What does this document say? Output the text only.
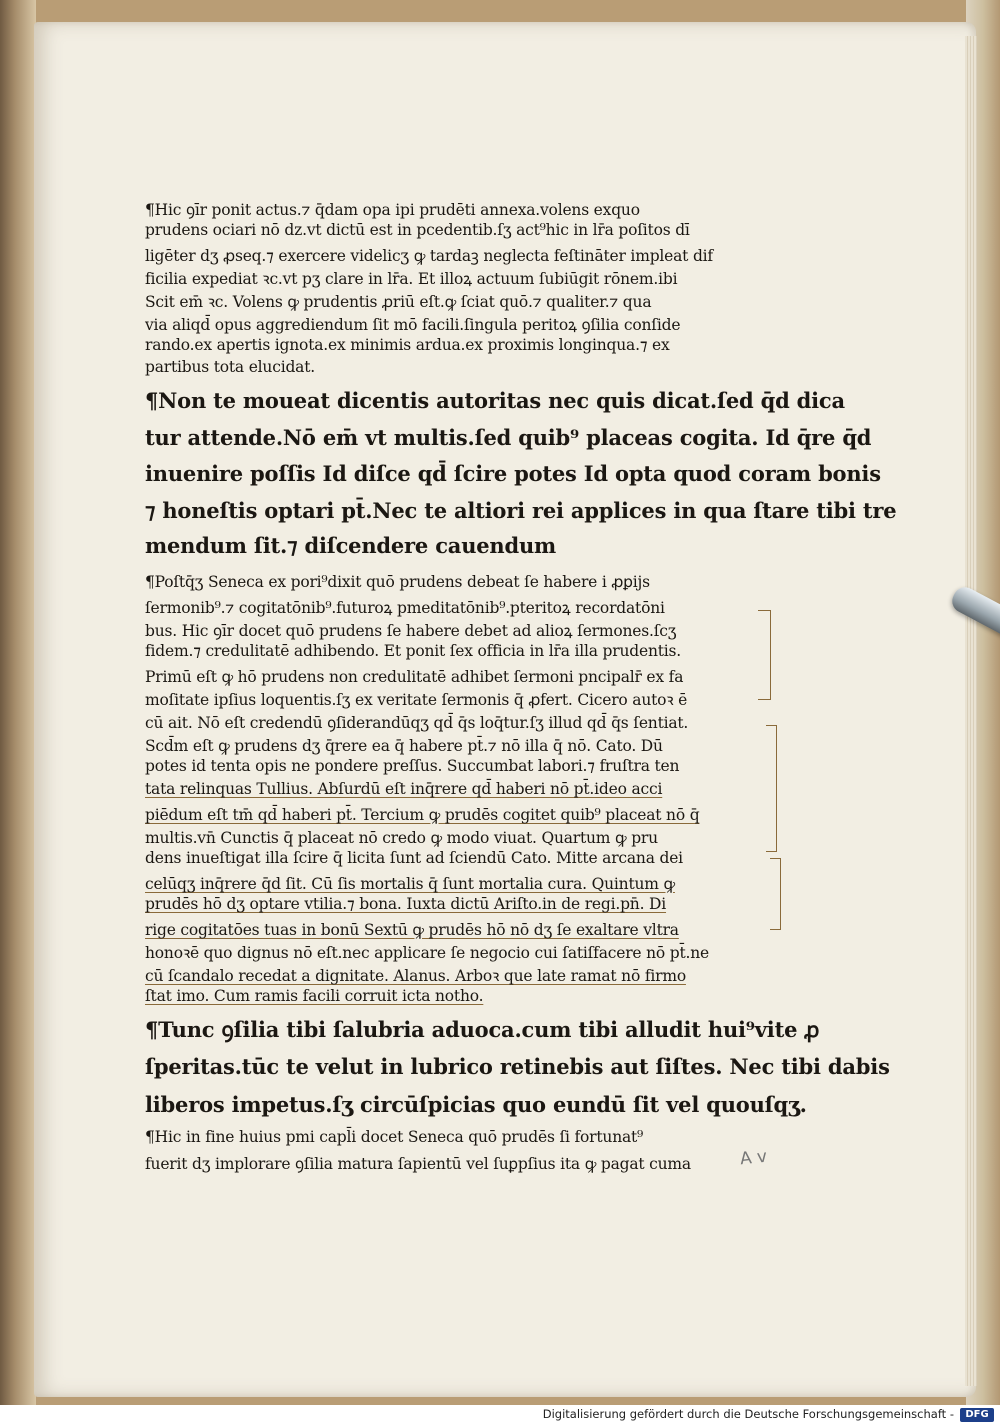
¶Hic ꝯīr ponit actus.⁊ q̄dam opa ipi prudēti annexa.volens exquo
prudens ociari nō dz.vt dictū est in pcedentib.ſʒ act⁹hic in lr̄a poſitos dī
ligēter dʒ ꝓseq.⁊ exercere videlicʒ ꝙ tardaꝫ neglecta feſtināter impleat dif
ficilia expediat ꝛc.vt pʒ clare in lr̄a. Et illoꝝ actuum ſubiūgit rōnem.ibi
Scit em̄ ꝛc. Volens ꝙ prudentis ꝓriū eſt.ꝙ ſciat quō.⁊ qualiter.⁊ qua
via aliqd̄ opus aggrediendum ſit mō facili.ſingula peritoꝝ ꝯſilia conſide
rando.ex apertis ignota.ex minimis ardua.ex proximis longinqua.⁊ ex
partibus tota elucidat.
¶Non te moueat dicentis autoritas nec quis dicat.ſed q̄d dica
tur attende.Nō em̄ vt multis.ſed quib⁹ placeas cogita. Id q̄re q̄d
inuenire poſſis Id diſce qd̄ ſcire potes Id opta quod coram bonis
⁊ honeſtis optari pt̄.Nec te altiori rei applices in qua ſtare tibi tre
mendum ſit.⁊ diſcendere cauendum
¶Poſtq̄ʒ Seneca ex pori⁹dixit quō prudens debeat ſe habere i ꝓꝑijs
ſermonib⁹.⁊ cogitatōnib⁹.futuroꝝ pmeditatōnib⁹.pteritoꝝ recordatōni
bus. Hic ꝯīr docet quō prudens ſe habere debet ad alioꝝ ſermones.ſcʒ
fidem.⁊ credulitatē adhibendo. Et ponit ſex officia in lr̄a illa prudentis.
Primū eſt ꝙ hō prudens non credulitatē adhibet ſermoni pncipalr̄ ex fa
moſitate ipſius loquentis.ſʒ ex veritate ſermonis q̄ ꝓfert. Cicero autoꝛ ē
cū ait. Nō eſt credendū ꝯſiderandūqʒ qd̄ q̄s loq̄tur.ſʒ illud qd̄ q̄s ſentiat.
Scd̄m eſt ꝙ prudens dʒ q̄rere ea q̄ habere pt̄.⁊ nō illa q̄ nō. Cato. Dū
potes id tenta opis ne pondere preſſus. Succumbat labori.⁊ fruſtra ten
tata relinquas Tullius. Abſurdū eſt inq̄rere qd̄ haberi nō pt̄.ideo acci
piēdum eſt tm̄ qd̄ haberi pt̄. Tercium ꝙ prudēs cogitet quib⁹ placeat nō q̄
multis.vn̄ Cunctis q̄ placeat nō credo ꝙ modo viuat. Quartum ꝙ pru
dens inueſtigat illa ſcire q̄ licita ſunt ad ſciendū Cato. Mitte arcana dei
celūqʒ inq̄rere q̄d ſit. Cū ſis mortalis q̄ ſunt mortalia cura. Quintum ꝙ
prudēs hō dʒ optare vtilia.⁊ bona. Iuxta dictū Ariſto.in de regi.pn̄. Di
rige cogitatōes tuas in bonū Sextū ꝙ prudēs hō nō dʒ ſe exaltare vltra
honoꝛē quo dignus nō eſt.nec applicare ſe negocio cui ſatiſfacere nō pt̄.ne
cū ſcandalo recedat a dignitate. Alanus. Arboꝛ que late ramat nō firmo
ſtat imo. Cum ramis facili corruit icta notho.
¶Tunc ꝯſilia tibi ſalubria aduoca.cum tibi alludit hui⁹vite ꝓ
ſperitas.tūc te velut in lubrico retinebis aut ſiſtes. Nec tibi dabis
liberos impetus.ſʒ circūſpicias quo eundū ſit vel quouſqʒ.
¶Hic in fine huius pmi capl̄i docet Seneca quō prudēs ſi fortunat⁹
fuerit dʒ implorare ꝯſilia matura ſapientū vel ſuꝑpſius ita ꝙ pagat cuma	A v
Digitalisierung gefördert durch die Deutsche Forschungsgemeinschaft -	DFG
